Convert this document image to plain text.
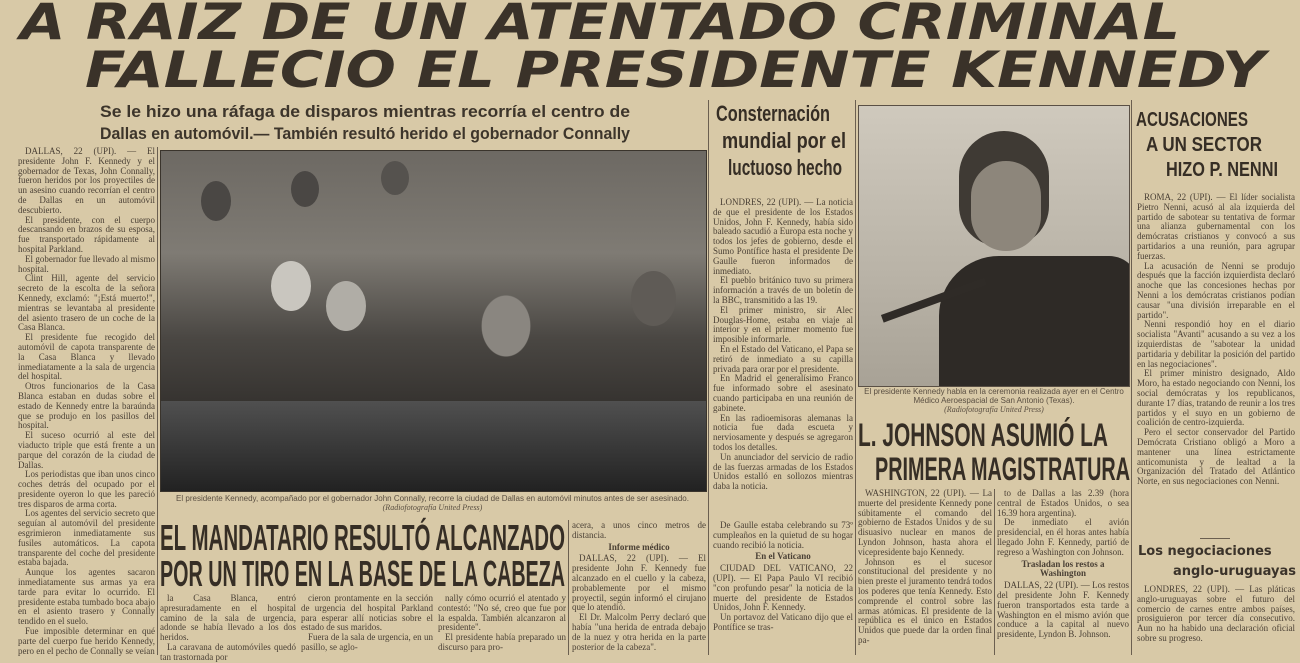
A RAIZ DE UN ATENTADO CRIMINAL
FALLECIO EL PRESIDENTE KENNEDY
Se le hizo una ráfaga de disparos mientras recorría el centro de
Dallas en automóvil.— También resultó herido el gobernador Connally

DALLAS, 22 (UPI). — El presidente John F. Kennedy y el gobernador de Texas, John Connally, fueron heridos por los proyectiles de un asesino cuando recorrían el centro de Dallas en un automóvil descubierto.

El presidente, con el cuerpo descansando en brazos de su esposa, fue transportado rápidamente al hospital Parkland.

El gobernador fue llevado al mismo hospital.

Clint Hill, agente del servicio secreto de la escolta de la señora Kennedy, exclamó: "¡Está muerto!", mientras se levantaba al presidente del asiento trasero de un coche de la Casa Blanca.

El presidente fue recogido del automóvil de capota transparente de la Casa Blanca y llevado inmediatamente a la sala de urgencia del hospital.

Otros funcionarios de la Casa Blanca estaban en dudas sobre el estado de Kennedy entre la baraúnda que se produjo en los pasillos del hospital.

El suceso ocurrió al este del viaducto triple que está frente a un parque del corazón de la ciudad de Dallas.

Los periodistas que iban unos cinco coches detrás del ocupado por el presidente oyeron lo que les pareció tres disparos de arma corta.

Los agentes del servicio secreto que seguían al automóvil del presidente esgrimieron inmediatamente sus fusiles automáticos. La capota transparente del coche del presidente estaba bajada.

Aunque los agentes sacaron inmediatamente sus armas ya era tarde para evitar lo ocurrido. El presidente estaba tumbado boca abajo en el asiento trasero y Connally tendido en el suelo.

Fue imposible determinar en qué parte del cuerpo fue herido Kennedy, pero en el pecho de Connally se veían

El presidente Kennedy, acompañado por el gobernador John Connally, recorre la ciudad de Dallas en automóvil minutos antes de ser asesinado. (Radiofotografía United Press)
EL MANDATARIO RESULTÓ ALCANZADO
POR UN TIRO EN LA BASE DE LA CABEZA

la Casa Blanca, entró apresuradamente en el hospital camino de la sala de urgencia, adonde se había llevado a los dos heridos.

La caravana de automóviles quedó tan trastornada por

cieron prontamente en la sección de urgencia del hospital Parkland para esperar allí noticias sobre el estado de sus maridos.

Fuera de la sala de urgencia, en un pasillo, se aglo-

nally cómo ocurrió el atentado y contestó: "No sé, creo que fue por la espalda. También alcanzaron al presidente".

El presidente había preparado un discurso para pro-

acera, a unos cinco metros de distancia.

Informe médico

DALLAS, 22 (UPI). — El presidente John F. Kennedy fue alcanzado en el cuello y la cabeza, probablemente por el mismo proyectil, según informó el cirujano que lo atendió.

El Dr. Malcolm Perry declaró que había "una herida de entrada debajo de la nuez y otra herida en la parte posterior de la cabeza".

Consternación
mundial por el
luctuoso hecho

LONDRES, 22 (UPI). — La noticia de que el presidente de los Estados Unidos, John F. Kennedy, había sido baleado sacudió a Europa esta noche y todos los jefes de gobierno, desde el Sumo Pontífice hasta el presidente De Gaulle fueron informados de inmediato.

El pueblo británico tuvo su primera información a través de un boletín de la BBC, transmitido a las 19.

El primer ministro, sir Alec Douglas-Home, estaba en viaje al interior y en el primer momento fue imposible informarle.

En el Estado del Vaticano, el Papa se retiró de inmediato a su capilla privada para orar por el presidente.

En Madrid el generalísimo Franco fue informado sobre el asesinato cuando participaba en una reunión de gabinete.

En las radioemisoras alemanas la noticia fue dada escueta y nerviosamente y después se agregaron todos los detalles.

Un anunciador del servicio de radio de las fuerzas armadas de los Estados Unidos estalló en sollozos mientras daba la noticia.

De Gaulle estaba celebrando su 73º cumpleaños en la quietud de su hogar cuando recibió la noticia.

En el Vaticano

CIUDAD DEL VATICANO, 22 (UPI). — El Papa Paulo VI recibió "con profundo pesar" la noticia de la muerte del presidente de Estados Unidos, John F. Kennedy.

Un portavoz del Vaticano dijo que el Pontífice se tras-

El presidente Kennedy habla en la ceremonia realizada ayer en el Centro Médico Aeroespacial de San Antonio (Texas).
(Radiofotografía United Press)
L. JOHNSON ASUMIÓ LA
PRIMERA MAGISTRATURA

WASHINGTON, 22 (UPI). — La muerte del presidente Kennedy pone súbitamente el comando del gobierno de Estados Unidos y de su disuasivo nuclear en manos de Lyndon Johnson, hasta ahora el vicepresidente bajo Kennedy.

Johnson es el sucesor constitucional del presidente y no bien preste el juramento tendrá todos los poderes que tenía Kennedy. Esto comprende el control sobre las armas atómicas. El presidente de la república es el único en Estados Unidos que puede dar la orden final pa-

to de Dallas a las 2.39 (hora central de Estados Unidos, o sea 16.39 hora argentina).

De inmediato el avión presidencial, en él horas antes había llegado John F. Kennedy, partió de regreso a Washington con Johnson.

Trasladan los restos a Washington

DALLAS, 22 (UPI). — Los restos del presidente John F. Kennedy fueron transportados esta tarde a Washington en el mismo avión que conduce a la capital al nuevo presidente, Lyndon B. Johnson.

ACUSACIONES
A UN SECTOR
HIZO P. NENNI

ROMA, 22 (UPI). — El líder socialista Pietro Nenni, acusó al ala izquierda del partido de sabotear su tentativa de formar una alianza gubernamental con los demócratas cristianos y convocó a sus partidarios a una reunión, para agrupar fuerzas.

La acusación de Nenni se produjo después que la facción izquierdista declaró anoche que las concesiones hechas por Nenni a los demócratas cristianos podían causar "una división irreparable en el partido".

Nenni respondió hoy en el diario socialista "Avanti" acusando a su vez a los izquierdistas de "sabotear la unidad partidaria y debilitar la posición del partido en las negociaciones".

El primer ministro designado, Aldo Moro, ha estado negociando con Nenni, los social demócratas y los republicanos, durante 17 días, tratando de reunir a los tres partidos y el suyo en un gobierno de coalición de centro-izquierda.

Pero el sector conservador del Partido Demócrata Cristiano obligó a Moro a mantener una línea estrictamente anticomunista y de lealtad a la Organización del Tratado del Atlántico Norte, en sus negociaciones con Nenni.

Los negociaciones
anglo-uruguayas

LONDRES, 22 (UPI). — Las pláticas anglo-uruguayas sobre el futuro del comercio de carnes entre ambos países, prosiguieron por tercer día consecutivo. Aun no ha habido una declaración oficial sobre su progreso.
